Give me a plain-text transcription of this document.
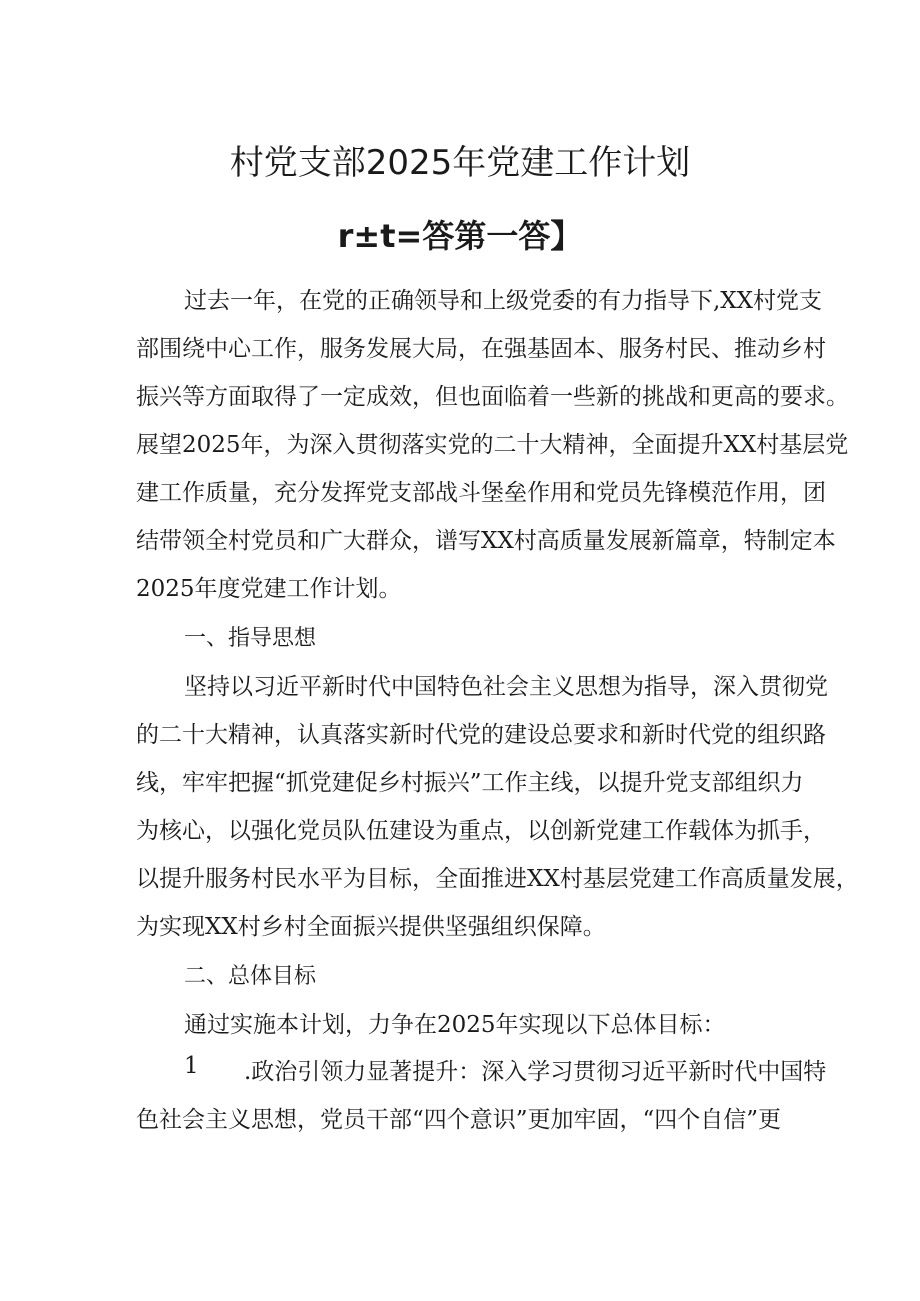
村党支部2025年党建工作计划
r±t=答第一答】

过去一年，在党的正确领导和上级党委的有力指导下,XX村党支

部围绕中心工作，服务发展大局，在强基固本、服务村民、推动乡村

振兴等方面取得了一定成效，但也面临着一些新的挑战和更高的要求。

展望2025年，为深入贯彻落实党的二十大精神，全面提升XX村基层党

建工作质量，充分发挥党支部战斗堡垒作用和党员先锋模范作用，团

结带领全村党员和广大群众，谱写XX村高质量发展新篇章，特制定本

2025年度党建工作计划。

一、指导思想

坚持以习近平新时代中国特色社会主义思想为指导，深入贯彻党

的二十大精神，认真落实新时代党的建设总要求和新时代党的组织路

线，牢牢把握“抓党建促乡村振兴”工作主线，以提升党支部组织力

为核心，以强化党员队伍建设为重点，以创新党建工作载体为抓手，

以提升服务村民水平为目标，全面推进XX村基层党建工作高质量发展，

为实现XX村乡村全面振兴提供坚强组织保障。

二、总体目标

通过实施本计划，力争在2025年实现以下总体目标：

1 .政治引领力显著提升：深入学习贯彻习近平新时代中国特

色社会主义思想，党员干部“四个意识”更加牢固，“四个自信”更
